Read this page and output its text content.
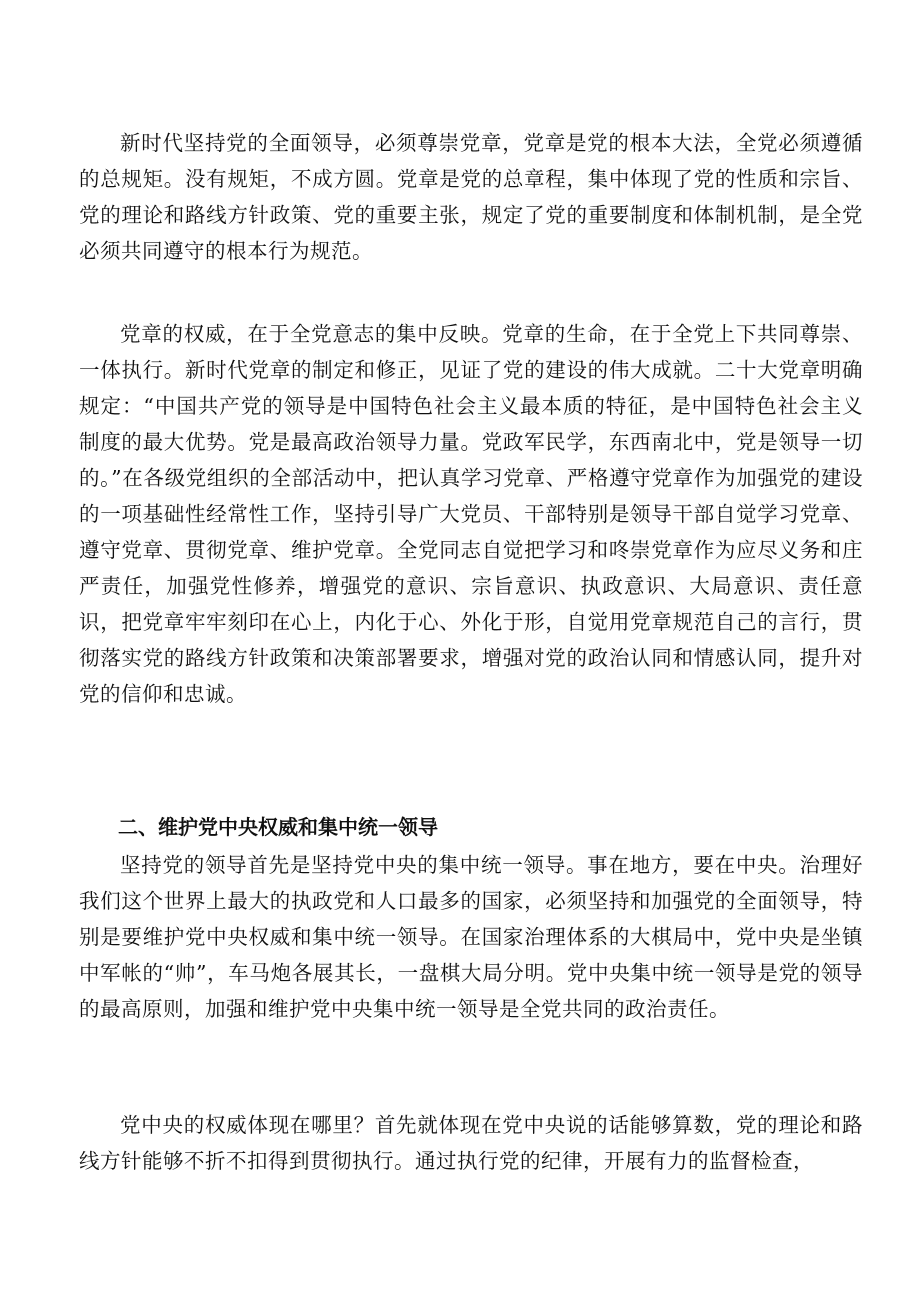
新时代坚持党的全面领导，必须尊崇党章，党章是党的根本大法，全党必须遵循的总规矩。没有规矩，不成方圆。党章是党的总章程，集中体现了党的性质和宗旨、党的理论和路线方针政策、党的重要主张，规定了党的重要制度和体制机制，是全党必须共同遵守的根本行为规范。

党章的权威，在于全党意志的集中反映。党章的生命，在于全党上下共同尊崇、一体执行。新时代党章的制定和修正，见证了党的建设的伟大成就。二十大党章明确规定：“中国共产党的领导是中国特色社会主义最本质的特征，是中国特色社会主义制度的最大优势。党是最高政治领导力量。党政军民学，东西南北中，党是领导一切的。”在各级党组织的全部活动中，把认真学习党章、严格遵守党章作为加强党的建设的一项基础性经常性工作，坚持引导广大党员、干部特别是领导干部自觉学习党章、遵守党章、贯彻党章、维护党章。全党同志自觉把学习和咚崇党章作为应尽义务和庄严责任，加强党性修养，增强党的意识、宗旨意识、执政意识、大局意识、责任意识，把党章牢牢刻印在心上，内化于心、外化于形，自觉用党章规范自己的言行，贯彻落实党的路线方针政策和决策部署要求，增强对党的政治认同和情感认同，提升对党的信仰和忠诚。

二、维护党中央权威和集中统一领导

坚持党的领导首先是坚持党中央的集中统一领导。事在地方，要在中央。治理好我们这个世界上最大的执政党和人口最多的国家，必须坚持和加强党的全面领导，特别是要维护党中央权威和集中统一领导。在国家治理体系的大棋局中，党中央是坐镇中军帐的“帅”，车马炮各展其长，一盘棋大局分明。党中央集中统一领导是党的领导的最高原则，加强和维护党中央集中统一领导是全党共同的政治责任。

党中央的权威体现在哪里？首先就体现在党中央说的话能够算数，党的理论和路线方针能够不折不扣得到贯彻执行。通过执行党的纪律，开展有力的监督检查，
